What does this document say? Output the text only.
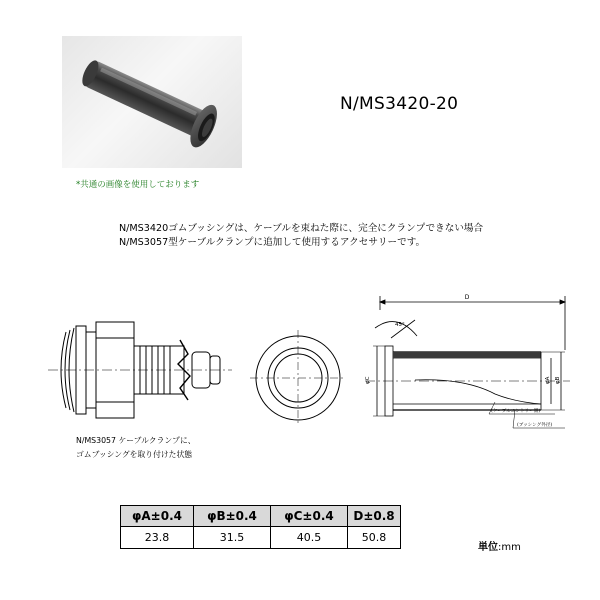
N/MS3420-20
*共通の画像を使用しております
N/MS3420ゴムブッシングは、ケーブルを束ねた際に、完全にクランプできない場合
N/MS3057型ケーブルクランプに追加して使用するアクセサリーです。
N/MS3057 ケーブルクランプに、
ゴムブッシングを取り付けた状態
D
45°
φC	φA φB
(ケーブルエントリー側)
(ブッシング外径)
φA±0.4	φB±0.4	φC±0.4	D±0.8
23.8	31.5	40.5	50.8
単位:mm
